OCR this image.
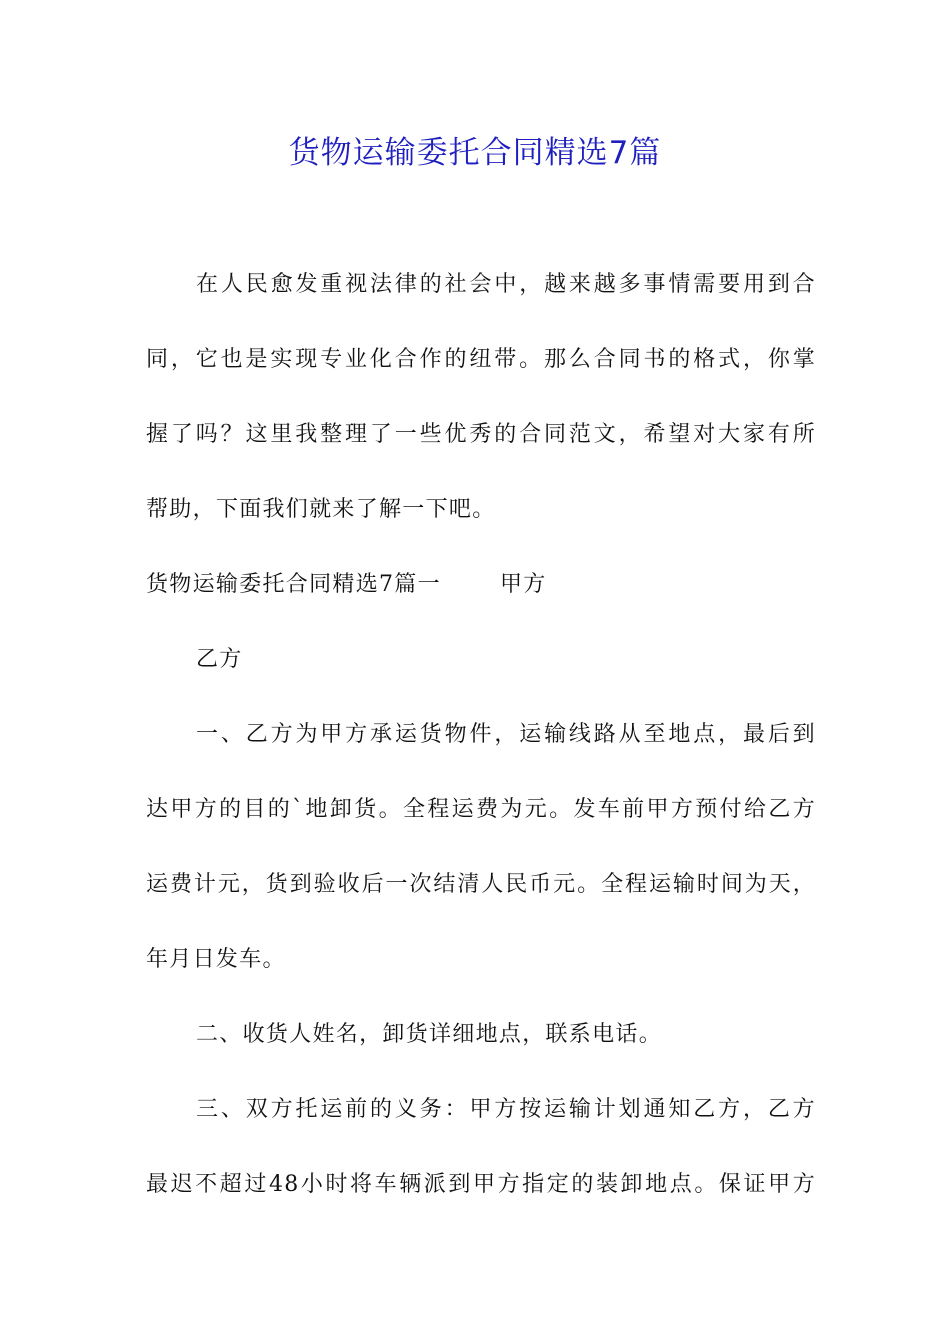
货物运输委托合同精选7篇
在人民愈发重视法律的社会中，越来越多事情需要用到合
同，它也是实现专业化合作的纽带。那么合同书的格式，你掌
握了吗？这里我整理了一些优秀的合同范文，希望对大家有所
帮助，下面我们就来了解一下吧。
货物运输委托合同精选7篇一	甲方
乙方
一、乙方为甲方承运货物件，运输线路从至地点，最后到
达甲方的目的`地卸货。全程运费为元。发车前甲方预付给乙方
运费计元，货到验收后一次结清人民币元。全程运输时间为天，
年月日发车。
二、收货人姓名，卸货详细地点，联系电话。
三、双方托运前的义务：甲方按运输计划通知乙方，乙方
最迟不超过48小时将车辆派到甲方指定的装卸地点。保证甲方
